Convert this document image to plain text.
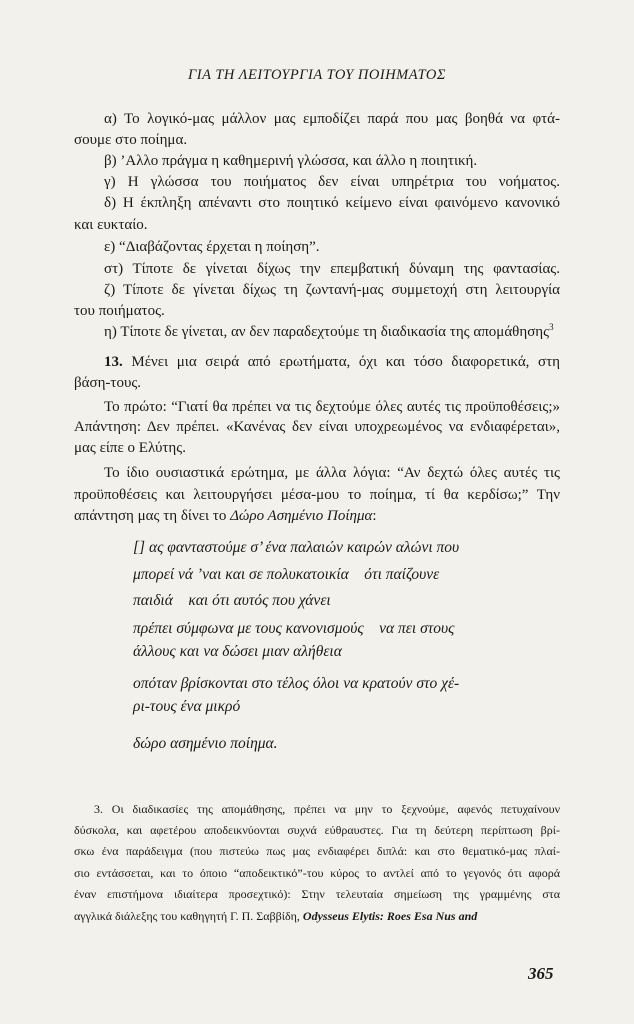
ΓΙΑ ΤΗ ΛΕΙΤΟΥΡΓΙΑ ΤΟΥ ΠΟΙΗΜΑΤΟΣ
α) Το λογικό-μας μάλλον μας εμποδίζει παρά που μας βοηθά να φτά-
σουμε στο ποίημα.
β) ’Αλλο πράγμα η καθημερινή γλώσσα, και άλλο η ποιητική.
γ) Η γλώσσα του ποιήματος δεν είναι υπηρέτρια του νοήματος.
δ) Η έκπληξη απέναντι στο ποιητικό κείμενο είναι φαινόμενο κανονικό
και ευκταίο.
ε) “Διαβάζοντας έρχεται η ποίηση”.
στ) Τίποτε δε γίνεται δίχως την επεμβατική δύναμη της φαντασίας.
ζ) Τίποτε δε γίνεται δίχως τη ζωντανή-μας συμμετοχή στη λειτουργία
του ποιήματος.
η) Τίποτε δε γίνεται, αν δεν παραδεχτούμε τη διαδικασία της απομάθησης$^3$
13. Μένει μια σειρά από ερωτήματα, όχι και τόσο διαφορετικά, στη
βάση-τους.
Το πρώτο: “Γιατί θα πρέπει να τις δεχτούμε όλες αυτές τις προϋποθέσεις;»
Απάντηση: Δεν πρέπει. «Κανένας δεν είναι υποχρεωμένος να ενδιαφέρεται»,
μας είπε ο Ελύτης.
Το ίδιο ουσιαστικά ερώτημα, με άλλα λόγια: “Αν δεχτώ όλες αυτές τις
προϋποθέσεις και λειτουργήσει μέσα-μου το ποίημα, τί θα κερδίσω;” Την
απάντηση μας τη δίνει το Δώρο Ασημένιο Ποίημα:
[] ας φανταστούμε σ’ ένα παλαιών καιρών αλώνι που
μπορεί νά ’ναι και σε πολυκατοικία    ότι παίζουνε
παιδιά    και ότι αυτός που χάνει
πρέπει σύμφωνα με τους κανονισμούς    να πει στους
άλλους και να δώσει μιαν αλήθεια
οπόταν βρίσκονται στο τέλος όλοι να κρατούν στο χέ-
ρι-τους ένα μικρό
δώρο ασημένιο ποίημα.
3. Οι διαδικασίες της απομάθησης, πρέπει να μην το ξεχνούμε, αφενός πετυχαίνουν
δύσκολα, και αφετέρου αποδεικνύονται συχνά εύθραυστες. Για τη δεύτερη περίπτωση βρί-
σκω ένα παράδειγμα (που πιστεύω πως μας ενδιαφέρει διπλά: και στο θεματικό-μας πλαί-
σιο εντάσσεται, και το όποιο “αποδεικτικό”-του κύρος το αντλεί από το γεγονός ότι αφορά
έναν επιστήμονα ιδιαίτερα προσεχτικό): Στην τελευταία σημείωση της γραμμένης στα
αγγλικά διάλεξης του καθηγητή Γ. Π. Σαββίδη, Odysseus Elytis: Roes Esa Nus and
365
